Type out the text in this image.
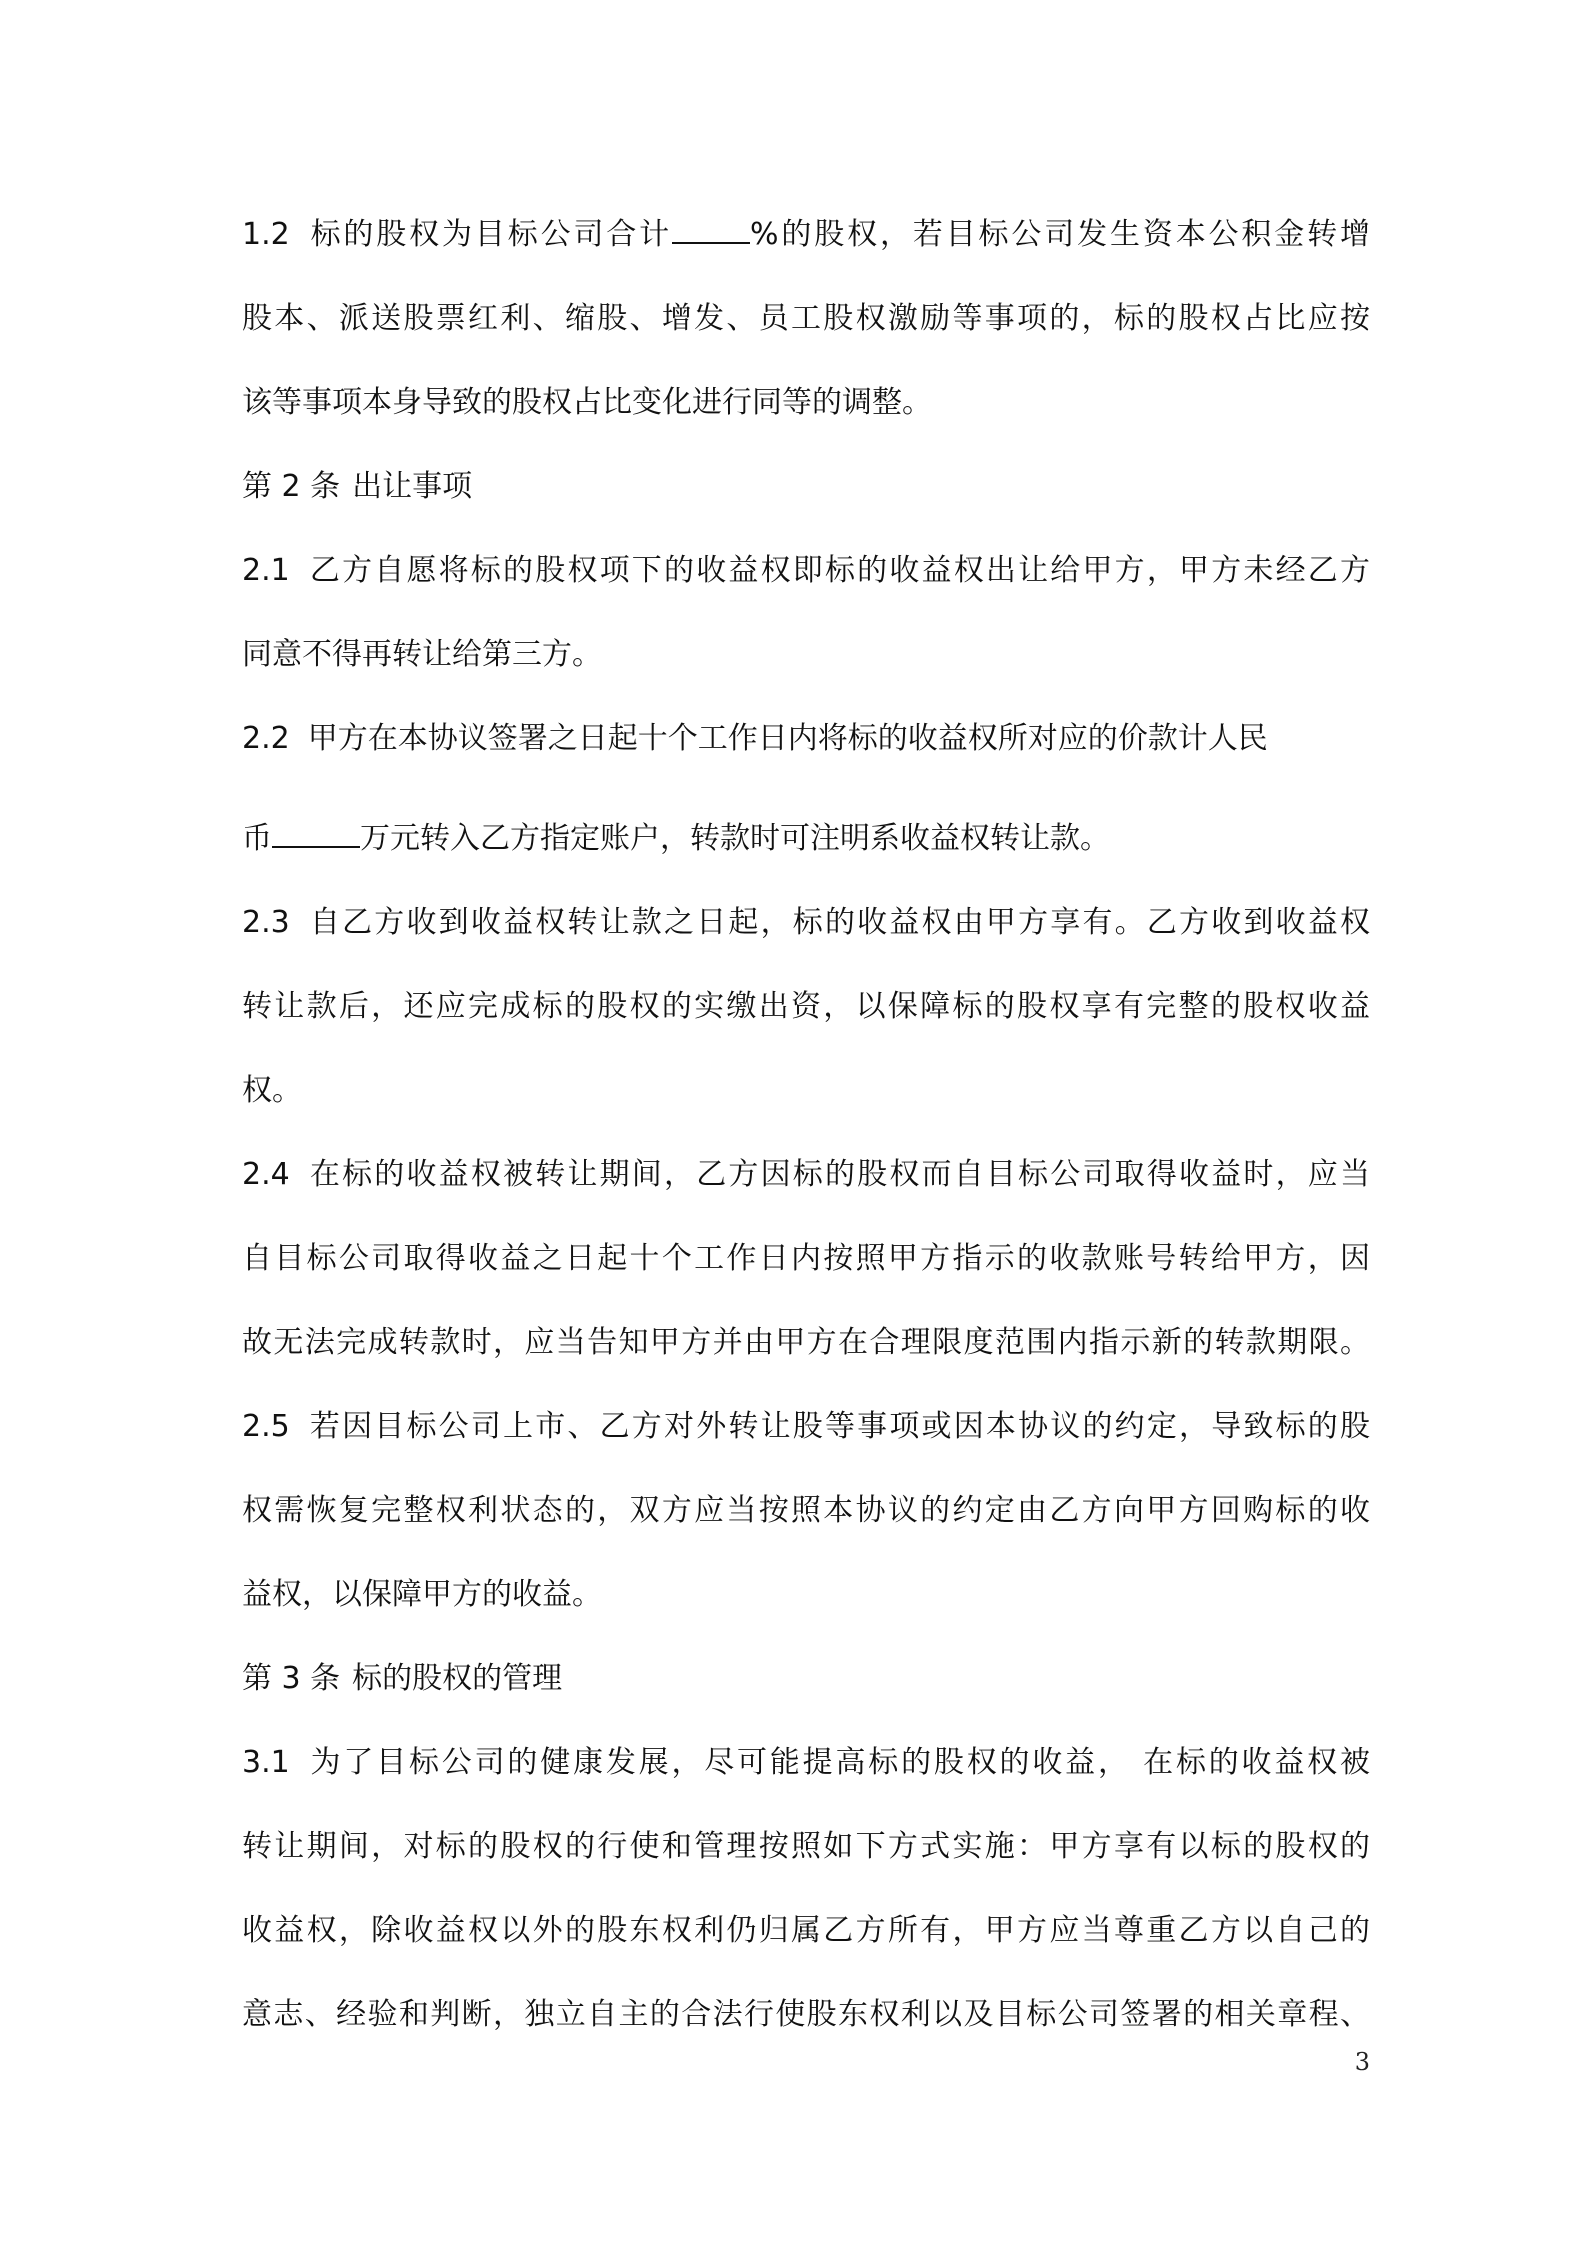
1.2 标的股权为目标公司合计	%的股权，若目标公司发生资本公积金转增
股本、派送股票红利、缩股、增发、员工股权激励等事项的，标的股权占比应按
该等事项本身导致的股权占比变化进行同等的调整。
第 2 条 出让事项
2.1 乙方自愿将标的股权项下的收益权即标的收益权出让给甲方，甲方未经乙方
同意不得再转让给第三方。
2.2 甲方在本协议签署之日起十个工作日内将标的收益权所对应的价款计人民
币	万元转入乙方指定账户，转款时可注明系收益权转让款。
2.3 自乙方收到收益权转让款之日起，标的收益权由甲方享有。乙方收到收益权
转让款后，还应完成标的股权的实缴出资，以保障标的股权享有完整的股权收益
权。
2.4 在标的收益权被转让期间，乙方因标的股权而自目标公司取得收益时，应当
自目标公司取得收益之日起十个工作日内按照甲方指示的收款账号转给甲方，因
故无法完成转款时，应当告知甲方并由甲方在合理限度范围内指示新的转款期限。
2.5 若因目标公司上市、乙方对外转让股等事项或因本协议的约定，导致标的股
权需恢复完整权利状态的，双方应当按照本协议的约定由乙方向甲方回购标的收
益权，以保障甲方的收益。
第 3 条 标的股权的管理
3.1 为了目标公司的健康发展，尽可能提高标的股权的收益， 在标的收益权被
转让期间，对标的股权的行使和管理按照如下方式实施：甲方享有以标的股权的
收益权，除收益权以外的股东权利仍归属乙方所有，甲方应当尊重乙方以自己的
意志、经验和判断，独立自主的合法行使股东权利以及目标公司签署的相关章程、
3
